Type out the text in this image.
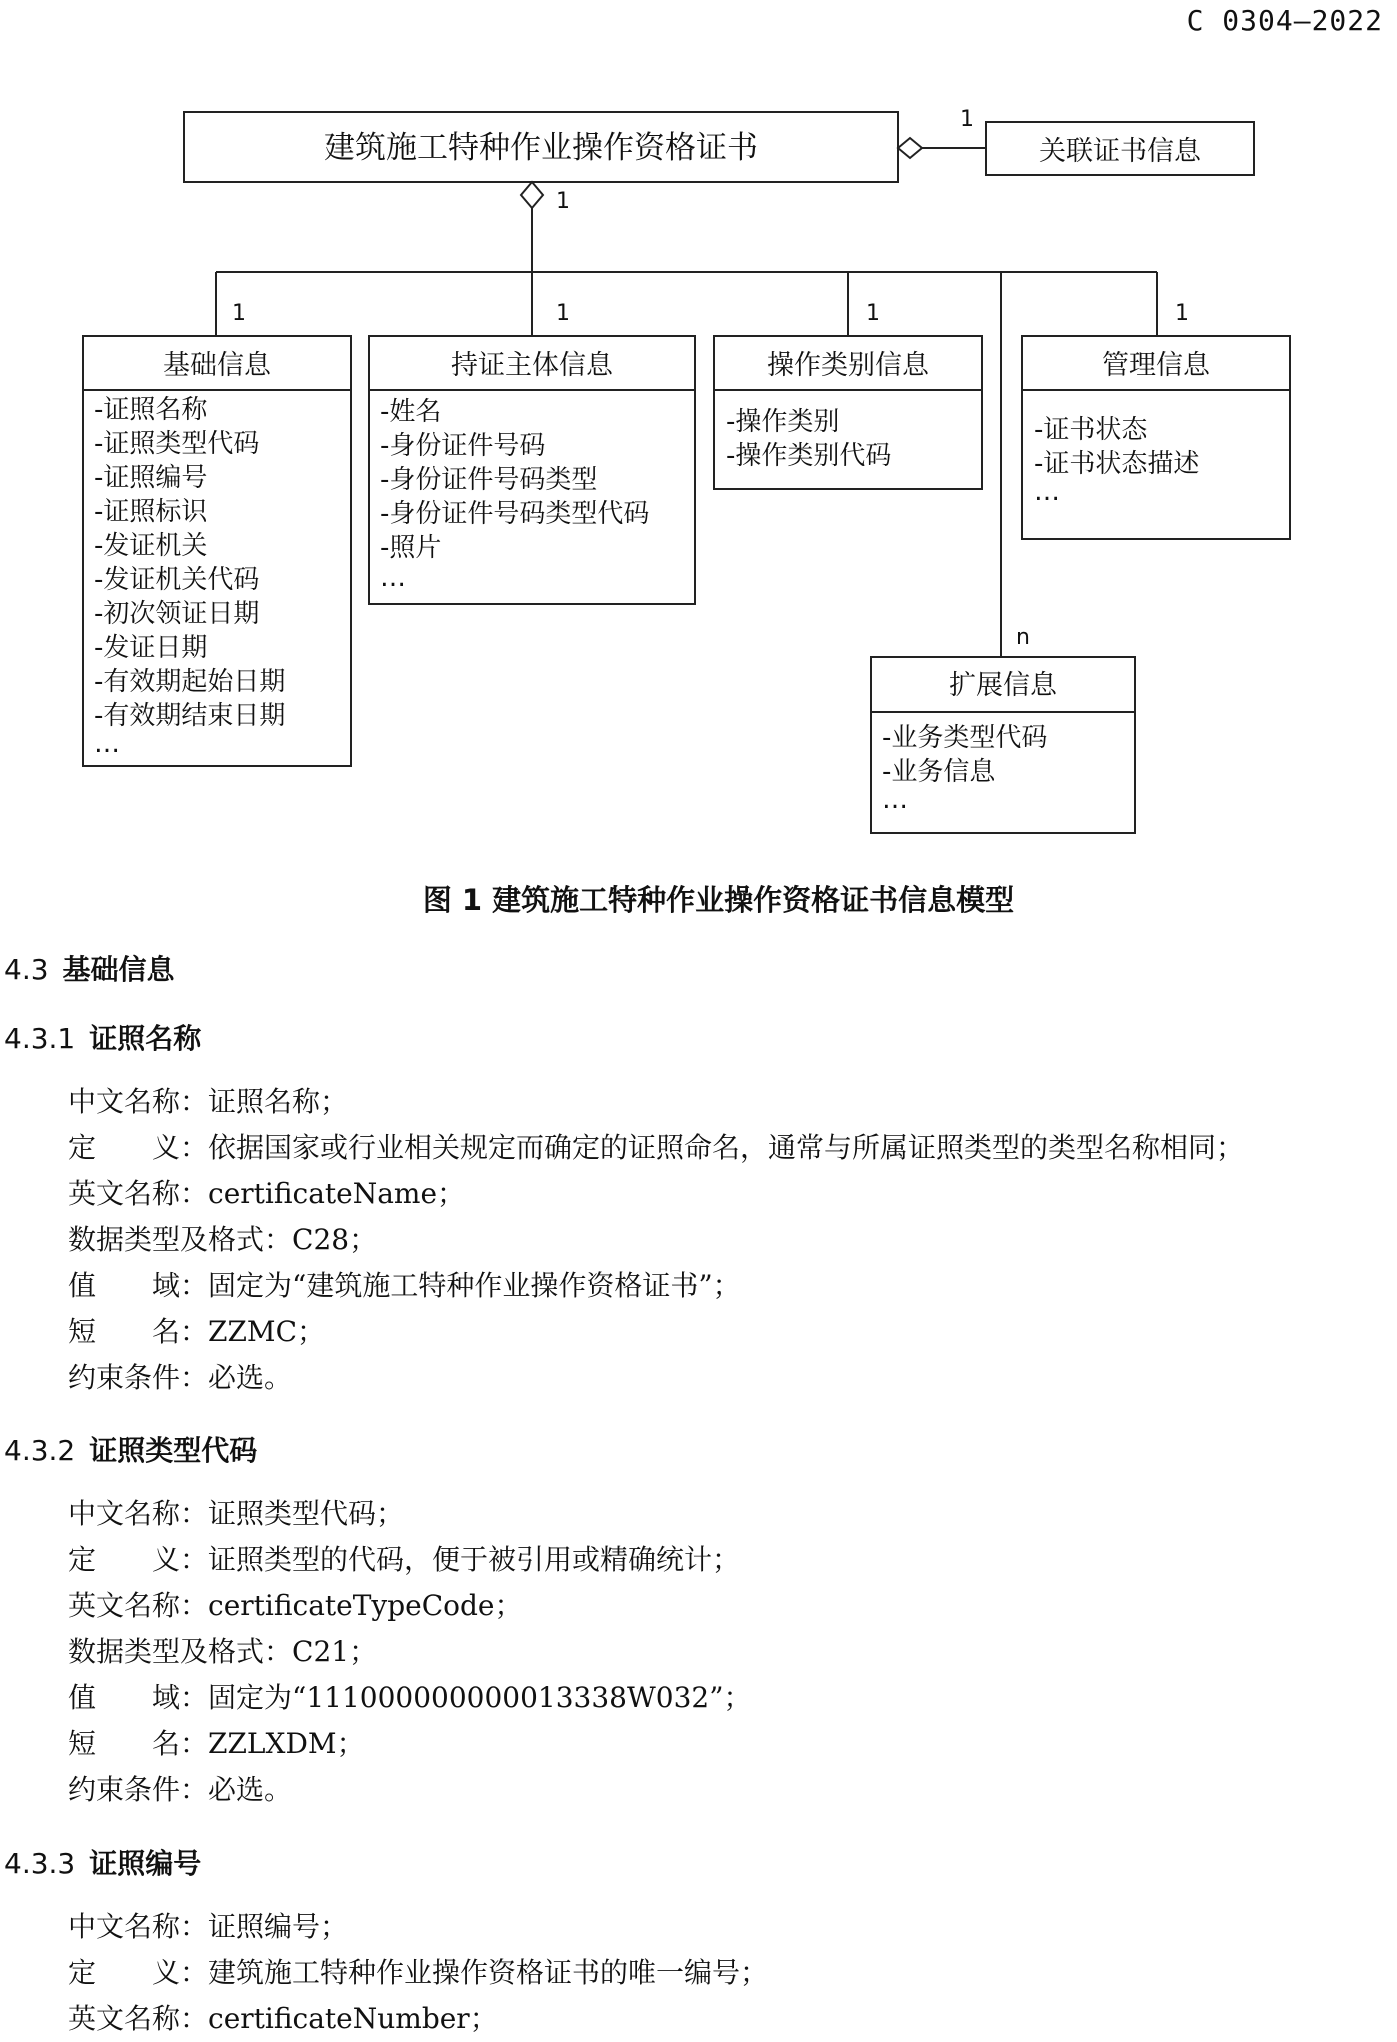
C 0304—2022
建筑施工特种作业操作资格证书	关联证书信息
1
1
1	1	1	1
n
基础信息
-证照名称
-证照类型代码
-证照编号
-证照标识
-发证机关
-发证机关代码
-初次领证日期
-发证日期
-有效期起始日期
-有效期结束日期
…
持证主体信息
-姓名
-身份证件号码
-身份证件号码类型
-身份证件号码类型代码
-照片
…
操作类别信息
-操作类别
-操作类别代码
管理信息
-证书状态
-证书状态描述
…
扩展信息
-业务类型代码
-业务信息
…
图 1 建筑施工特种作业操作资格证书信息模型
4.3 基础信息
4.3.1 证照名称
中文名称：证照名称；
定　　义：依据国家或行业相关规定而确定的证照命名，通常与所属证照类型的类型名称相同；
英文名称：certificateName；
数据类型及格式：C28；
值　　域：固定为“建筑施工特种作业操作资格证书”；
短　　名：ZZMC；
约束条件：必选。
4.3.2 证照类型代码
中文名称：证照类型代码；
定　　义：证照类型的代码，便于被引用或精确统计；
英文名称：certificateTypeCode；
数据类型及格式：C21；
值　　域：固定为“111000000000013338W032”；
短　　名：ZZLXDM；
约束条件：必选。
4.3.3 证照编号
中文名称：证照编号；
定　　义：建筑施工特种作业操作资格证书的唯一编号；
英文名称：certificateNumber；
